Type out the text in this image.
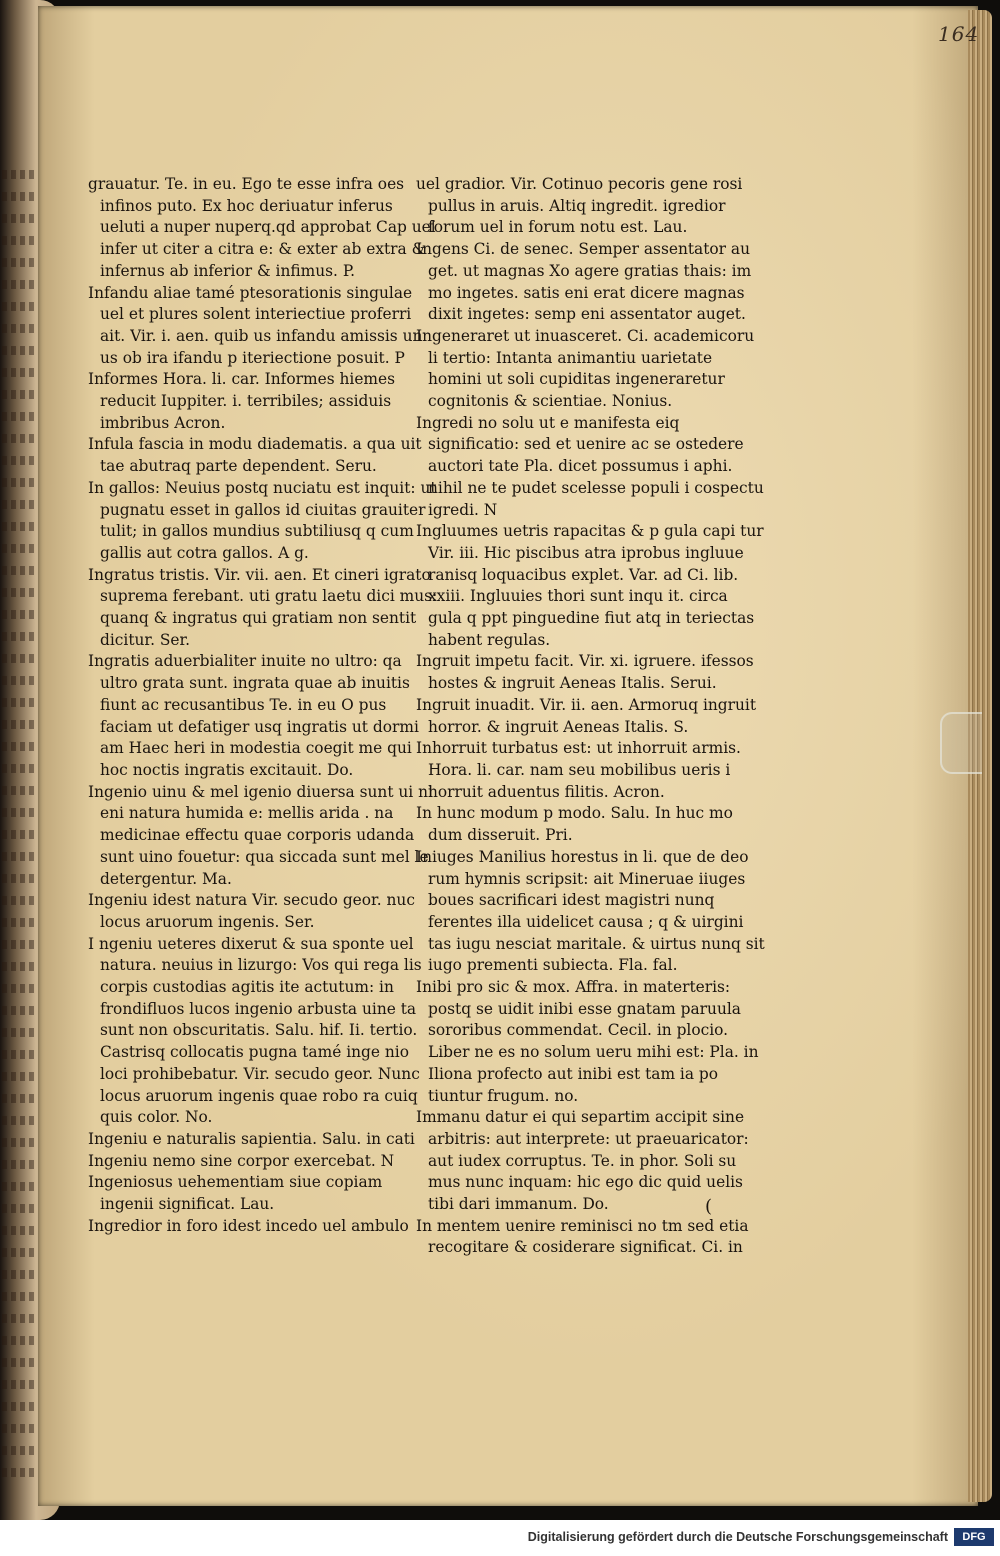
grauatur. Te. in eu. Ego te esse infra oes infinos puto. Ex hoc deriuatur inferus ueluti a nuper nuperq.qd approbat Cap uel infer ut citer a citra e: & exter ab extra & infernus ab inferior & infimus. P.

Infandu aliae tamé ptesorationis singulae uel et plures solent interiectiue proferri ait. Vir. i. aen. quib us infandu amissis un us ob ira ifandu p iteriectione posuit. P

Informes Hora. li. car. Informes hiemes reducit Iuppiter. i. terribiles; assiduis imbribus Acron.

Infula fascia in modu diadematis. a qua uit tae abutraq parte dependent. Seru.

In gallos: Neuius postq nuciatu est inquit: ut pugnatu esset in gallos id ciuitas grauiter tulit; in gallos mundius subtiliusq q cum gallis aut cotra gallos. A g.

Ingratus tristis. Vir. vii. aen. Et cineri igrato suprema ferebant. uti gratu laetu dici mus: quanq & ingratus qui gratiam non sentit dicitur. Ser.

Ingratis aduerbialiter inuite no ultro: qa ultro grata sunt. ingrata quae ab inuitis fiunt ac recusantibus Te. in eu O pus faciam ut defatiger usq ingratis ut dormi am Haec heri in modestia coegit me qui hoc noctis ingratis excitauit. Do.

Ingenio uinu & mel igenio diuersa sunt ui ni eni natura humida e: mellis arida . na medicinae effectu quae corporis udanda sunt uino fouetur: qua siccada sunt mel le detergentur. Ma.

Ingeniu idest natura Vir. secudo geor. nuc locus aruorum ingenis. Ser.

I ngeniu ueteres dixerut & sua sponte uel natura. neuius in lizurgo: Vos qui rega lis corpis custodias agitis ite actutum: in frondifluos lucos ingenio arbusta uine ta sunt non obscuritatis. Salu. hif. Ii. tertio. Castrisq collocatis pugna tamé inge nio loci prohibebatur. Vir. secudo geor. Nunc locus aruorum ingenis quae robo ra cuiq quis color. No.

Ingeniu e naturalis sapientia. Salu. in cati

Ingeniu nemo sine corpor exercebat. N

Ingeniosus uehementiam siue copiam ingenii significat. Lau.

Ingredior in foro idest incedo uel ambulo

uel gradior. Vir. Cotinuo pecoris gene rosi pullus in aruis. Altiq ingredit. igredior forum uel in forum notu est. Lau.

Ingens Ci. de senec. Semper assentator au get. ut magnas Xo agere gratias thais: im mo ingetes. satis eni erat dicere magnas dixit ingetes: semp eni assentator auget.

Ingeneraret ut inuasceret. Ci. academicoru li tertio: Intanta animantiu uarietate homini ut soli cupiditas ingeneraretur cognitonis & scientiae. Nonius.

Ingredi no solu ut e manifesta eiq significatio: sed et uenire ac se ostedere auctori tate Pla. dicet possumus i aphi. nihil ne te pudet scelesse populi i cospectu igredi. N

Ingluumes uetris rapacitas & p gula capi tur Vir. iii. Hic piscibus atra iprobus ingluue ranisq loquacibus explet. Var. ad Ci. lib. xxiii. Ingluuies thori sunt inqu it. circa gula q ppt pinguedine fiut atq in teriectas habent regulas.

Ingruit impetu facit. Vir. xi. igruere. ifessos hostes & ingruit Aeneas Italis. Serui.

Ingruit inuadit. Vir. ii. aen. Armoruq ingruit horror. & ingruit Aeneas Italis. S.

Inhorruit turbatus est: ut inhorruit armis. Hora. li. car. nam seu mobilibus ueris i horruit aduentus filitis. Acron.

In hunc modum p modo. Salu. In huc mo dum disseruit. Pri.

Iniuges Manilius horestus in li. que de deo rum hymnis scripsit: ait Mineruae iiuges boues sacrificari idest magistri nunq ferentes illa uidelicet causa ; q & uirgini tas iugu nesciat maritale. & uirtus nunq sit iugo prementi subiecta. Fla. fal.

Inibi pro sic & mox. Affra. in materteris: postq se uidit inibi esse gnatam paruula sororibus commendat. Cecil. in plocio. Liber ne es no solum ueru mihi est: Pla. in Iliona profecto aut inibi est tam ia po tiuntur frugum. no.

Immanu datur ei qui separtim accipit sine arbitris: aut interprete: ut praeuaricator: aut iudex corruptus. Te. in phor. Soli su mus nunc inquam: hic ego dic quid uelis tibi dari immanum. Do.

In mentem uenire reminisci no tm sed etia recogitare & cosiderare significat. Ci. in

164
(
Digitalisierung gefördert durch die Deutsche Forschungsgemeinschaft	DFG
